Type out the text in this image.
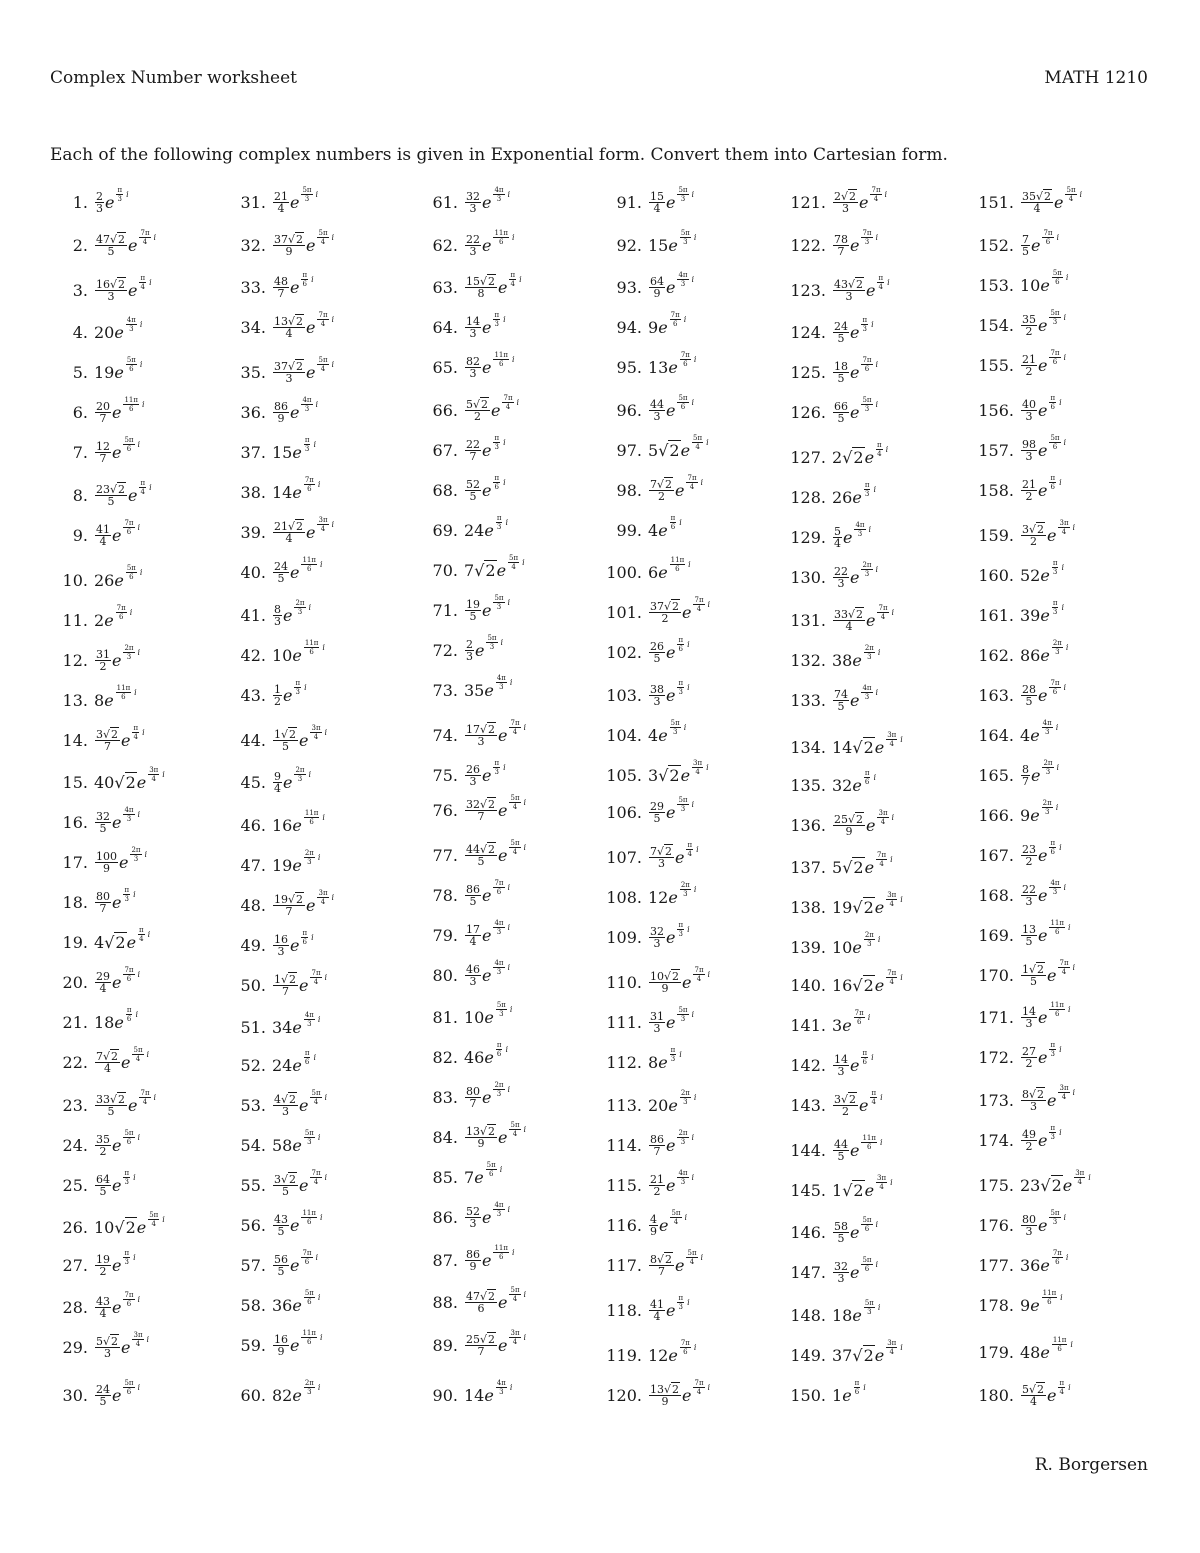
Complex Number worksheet	MATH 1210
Each of the following complex numbers is given in Exponential form. Convert them into Cartesian form.
R. Borgersen
1. $\frac{2}{3}$ e $\frac{\pi}{3}$ i
2. $\frac{47√2}{5}$ e $\frac{7\pi}{4}$ i
3. $\frac{16√2}{3}$ e $\frac{\pi}{4}$ i
4. 20 e $\frac{4\pi}{3}$ i
5. 19 e $\frac{5\pi}{6}$ i
6. $\frac{20}{7}$ e $\frac{11\pi}{6}$ i
7. $\frac{12}{7}$ e $\frac{5\pi}{6}$ i
8. $\frac{23√2}{5}$ e $\frac{\pi}{4}$ i
9. $\frac{41}{4}$ e $\frac{7\pi}{6}$ i
10. 26 e $\frac{5\pi}{6}$ i
11. 2 e $\frac{7\pi}{6}$ i
12. $\frac{31}{2}$ e $\frac{2\pi}{3}$ i
13. 8 e $\frac{11\pi}{6}$ i
14. $\frac{3√2}{7}$ e $\frac{\pi}{4}$ i
15. 40√2 e $\frac{3\pi}{4}$ i
16. $\frac{32}{5}$ e $\frac{4\pi}{3}$ i
17. $\frac{100}{9}$ e $\frac{2\pi}{3}$ i
18. $\frac{80}{7}$ e $\frac{\pi}{3}$ i
19. 4√2 e $\frac{\pi}{4}$ i
20. $\frac{29}{4}$ e $\frac{7\pi}{6}$ i
21. 18 e $\frac{\pi}{6}$ i
22. $\frac{7√2}{4}$ e $\frac{5\pi}{4}$ i
23. $\frac{33√2}{5}$ e $\frac{7\pi}{4}$ i
24. $\frac{35}{2}$ e $\frac{5\pi}{6}$ i
25. $\frac{64}{5}$ e $\frac{\pi}{3}$ i
26. 10√2 e $\frac{5\pi}{4}$ i
27. $\frac{19}{2}$ e $\frac{\pi}{3}$ i
28. $\frac{43}{4}$ e $\frac{7\pi}{6}$ i
29. $\frac{5√2}{3}$ e $\frac{3\pi}{4}$ i
30. $\frac{24}{5}$ e $\frac{5\pi}{6}$ i
31. $\frac{21}{4}$ e $\frac{5\pi}{3}$ i
32. $\frac{37√2}{9}$ e $\frac{5\pi}{4}$ i
33. $\frac{48}{7}$ e $\frac{\pi}{6}$ i
34. $\frac{13√2}{4}$ e $\frac{7\pi}{4}$ i
35. $\frac{37√2}{3}$ e $\frac{5\pi}{4}$ i
36. $\frac{86}{9}$ e $\frac{4\pi}{3}$ i
37. 15 e $\frac{\pi}{3}$ i
38. 14 e $\frac{7\pi}{6}$ i
39. $\frac{21√2}{4}$ e $\frac{3\pi}{4}$ i
40. $\frac{24}{5}$ e $\frac{11\pi}{6}$ i
41. $\frac{8}{3}$ e $\frac{2\pi}{3}$ i
42. 10 e $\frac{11\pi}{6}$ i
43. $\frac{1}{2}$ e $\frac{\pi}{3}$ i
44. $\frac{1√2}{5}$ e $\frac{3\pi}{4}$ i
45. $\frac{9}{4}$ e $\frac{2\pi}{3}$ i
46. 16 e $\frac{11\pi}{6}$ i
47. 19 e $\frac{2\pi}{3}$ i
48. $\frac{19√2}{7}$ e $\frac{3\pi}{4}$ i
49. $\frac{16}{3}$ e $\frac{\pi}{6}$ i
50. $\frac{1√2}{7}$ e $\frac{7\pi}{4}$ i
51. 34 e $\frac{4\pi}{3}$ i
52. 24 e $\frac{\pi}{6}$ i
53. $\frac{4√2}{3}$ e $\frac{5\pi}{4}$ i
54. 58 e $\frac{5\pi}{3}$ i
55. $\frac{3√2}{5}$ e $\frac{7\pi}{4}$ i
56. $\frac{43}{5}$ e $\frac{11\pi}{6}$ i
57. $\frac{56}{5}$ e $\frac{7\pi}{6}$ i
58. 36 e $\frac{5\pi}{6}$ i
59. $\frac{16}{9}$ e $\frac{11\pi}{6}$ i
60. 82 e $\frac{2\pi}{3}$ i
61. $\frac{32}{3}$ e $\frac{4\pi}{3}$ i
62. $\frac{22}{3}$ e $\frac{11\pi}{6}$ i
63. $\frac{15√2}{8}$ e $\frac{\pi}{4}$ i
64. $\frac{14}{3}$ e $\frac{\pi}{3}$ i
65. $\frac{82}{3}$ e $\frac{11\pi}{6}$ i
66. $\frac{5√2}{2}$ e $\frac{7\pi}{4}$ i
67. $\frac{22}{7}$ e $\frac{\pi}{3}$ i
68. $\frac{52}{5}$ e $\frac{\pi}{6}$ i
69. 24 e $\frac{\pi}{3}$ i
70. 7√2 e $\frac{5\pi}{4}$ i
71. $\frac{19}{5}$ e $\frac{5\pi}{3}$ i
72. $\frac{2}{3}$ e $\frac{5\pi}{3}$ i
73. 35 e $\frac{4\pi}{3}$ i
74. $\frac{17√2}{3}$ e $\frac{7\pi}{4}$ i
75. $\frac{26}{3}$ e $\frac{\pi}{3}$ i
76. $\frac{32√2}{7}$ e $\frac{5\pi}{4}$ i
77. $\frac{44√2}{5}$ e $\frac{5\pi}{4}$ i
78. $\frac{86}{5}$ e $\frac{7\pi}{6}$ i
79. $\frac{17}{4}$ e $\frac{4\pi}{3}$ i
80. $\frac{46}{3}$ e $\frac{4\pi}{3}$ i
81. 10 e $\frac{5\pi}{3}$ i
82. 46 e $\frac{\pi}{6}$ i
83. $\frac{80}{7}$ e $\frac{2\pi}{3}$ i
84. $\frac{13√2}{9}$ e $\frac{5\pi}{4}$ i
85. 7 e $\frac{5\pi}{6}$ i
86. $\frac{52}{3}$ e $\frac{4\pi}{3}$ i
87. $\frac{86}{9}$ e $\frac{11\pi}{6}$ i
88. $\frac{47√2}{6}$ e $\frac{5\pi}{4}$ i
89. $\frac{25√2}{7}$ e $\frac{3\pi}{4}$ i
90. 14 e $\frac{4\pi}{3}$ i
91. $\frac{15}{4}$ e $\frac{5\pi}{3}$ i
92. 15 e $\frac{5\pi}{3}$ i
93. $\frac{64}{9}$ e $\frac{4\pi}{3}$ i
94. 9 e $\frac{7\pi}{6}$ i
95. 13 e $\frac{7\pi}{6}$ i
96. $\frac{44}{3}$ e $\frac{5\pi}{6}$ i
97. 5√2 e $\frac{5\pi}{4}$ i
98. $\frac{7√2}{2}$ e $\frac{7\pi}{4}$ i
99. 4 e $\frac{\pi}{6}$ i
100. 6 e $\frac{11\pi}{6}$ i
101. $\frac{37√2}{2}$ e $\frac{7\pi}{4}$ i
102. $\frac{26}{5}$ e $\frac{\pi}{6}$ i
103. $\frac{38}{3}$ e $\frac{\pi}{3}$ i
104. 4 e $\frac{5\pi}{3}$ i
105. 3√2 e $\frac{3\pi}{4}$ i
106. $\frac{29}{5}$ e $\frac{5\pi}{3}$ i
107. $\frac{7√2}{3}$ e $\frac{\pi}{4}$ i
108. 12 e $\frac{2\pi}{3}$ i
109. $\frac{32}{3}$ e $\frac{\pi}{3}$ i
110. $\frac{10√2}{9}$ e $\frac{7\pi}{4}$ i
111. $\frac{31}{3}$ e $\frac{5\pi}{3}$ i
112. 8 e $\frac{\pi}{3}$ i
113. 20 e $\frac{2\pi}{3}$ i
114. $\frac{86}{7}$ e $\frac{2\pi}{3}$ i
115. $\frac{21}{2}$ e $\frac{4\pi}{3}$ i
116. $\frac{4}{9}$ e $\frac{5\pi}{4}$ i
117. $\frac{8√2}{7}$ e $\frac{5\pi}{4}$ i
118. $\frac{41}{4}$ e $\frac{\pi}{3}$ i
119. 12 e $\frac{7\pi}{6}$ i
120. $\frac{13√2}{9}$ e $\frac{7\pi}{4}$ i
121. $\frac{2√2}{3}$ e $\frac{7\pi}{4}$ i
122. $\frac{78}{7}$ e $\frac{7\pi}{3}$ i
123. $\frac{43√2}{3}$ e $\frac{\pi}{4}$ i
124. $\frac{24}{5}$ e $\frac{\pi}{3}$ i
125. $\frac{18}{5}$ e $\frac{7\pi}{6}$ i
126. $\frac{66}{5}$ e $\frac{5\pi}{3}$ i
127. 2√2 e $\frac{\pi}{4}$ i
128. 26 e $\frac{\pi}{3}$ i
129. $\frac{5}{4}$ e $\frac{4\pi}{3}$ i
130. $\frac{22}{3}$ e $\frac{2\pi}{3}$ i
131. $\frac{33√2}{4}$ e $\frac{7\pi}{4}$ i
132. 38 e $\frac{2\pi}{3}$ i
133. $\frac{74}{5}$ e $\frac{4\pi}{3}$ i
134. 14√2 e $\frac{3\pi}{4}$ i
135. 32 e $\frac{\pi}{6}$ i
136. $\frac{25√2}{9}$ e $\frac{3\pi}{4}$ i
137. 5√2 e $\frac{7\pi}{4}$ i
138. 19√2 e $\frac{3\pi}{4}$ i
139. 10 e $\frac{2\pi}{3}$ i
140. 16√2 e $\frac{7\pi}{4}$ i
141. 3 e $\frac{7\pi}{6}$ i
142. $\frac{14}{3}$ e $\frac{\pi}{6}$ i
143. $\frac{3√2}{2}$ e $\frac{\pi}{4}$ i
144. $\frac{44}{5}$ e $\frac{11\pi}{6}$ i
145. 1√2 e $\frac{3\pi}{4}$ i
146. $\frac{58}{5}$ e $\frac{5\pi}{6}$ i
147. $\frac{32}{3}$ e $\frac{5\pi}{6}$ i
148. 18 e $\frac{5\pi}{3}$ i
149. 37√2 e $\frac{3\pi}{4}$ i
150. 1 e $\frac{\pi}{6}$ i
151. $\frac{35√2}{4}$ e $\frac{5\pi}{4}$ i
152. $\frac{7}{5}$ e $\frac{7\pi}{6}$ i
153. 10 e $\frac{5\pi}{6}$ i
154. $\frac{35}{2}$ e $\frac{5\pi}{3}$ i
155. $\frac{21}{2}$ e $\frac{7\pi}{6}$ i
156. $\frac{40}{3}$ e $\frac{\pi}{6}$ i
157. $\frac{98}{3}$ e $\frac{5\pi}{6}$ i
158. $\frac{21}{2}$ e $\frac{\pi}{6}$ i
159. $\frac{3√2}{2}$ e $\frac{3\pi}{4}$ i
160. 52 e $\frac{\pi}{3}$ i
161. 39 e $\frac{\pi}{3}$ i
162. 86 e $\frac{2\pi}{3}$ i
163. $\frac{28}{5}$ e $\frac{7\pi}{6}$ i
164. 4 e $\frac{4\pi}{3}$ i
165. $\frac{8}{7}$ e $\frac{2\pi}{3}$ i
166. 9 e $\frac{2\pi}{3}$ i
167. $\frac{23}{2}$ e $\frac{\pi}{6}$ i
168. $\frac{22}{3}$ e $\frac{4\pi}{3}$ i
169. $\frac{13}{5}$ e $\frac{11\pi}{6}$ i
170. $\frac{1√2}{5}$ e $\frac{7\pi}{4}$ i
171. $\frac{14}{3}$ e $\frac{11\pi}{6}$ i
172. $\frac{27}{2}$ e $\frac{\pi}{3}$ i
173. $\frac{8√2}{3}$ e $\frac{3\pi}{4}$ i
174. $\frac{49}{2}$ e $\frac{\pi}{3}$ i
175. 23√2 e $\frac{3\pi}{4}$ i
176. $\frac{80}{3}$ e $\frac{5\pi}{3}$ i
177. 36 e $\frac{7\pi}{6}$ i
178. 9 e $\frac{11\pi}{6}$ i
179. 48 e $\frac{11\pi}{6}$ i
180. $\frac{5√2}{4}$ e $\frac{\pi}{4}$ i
